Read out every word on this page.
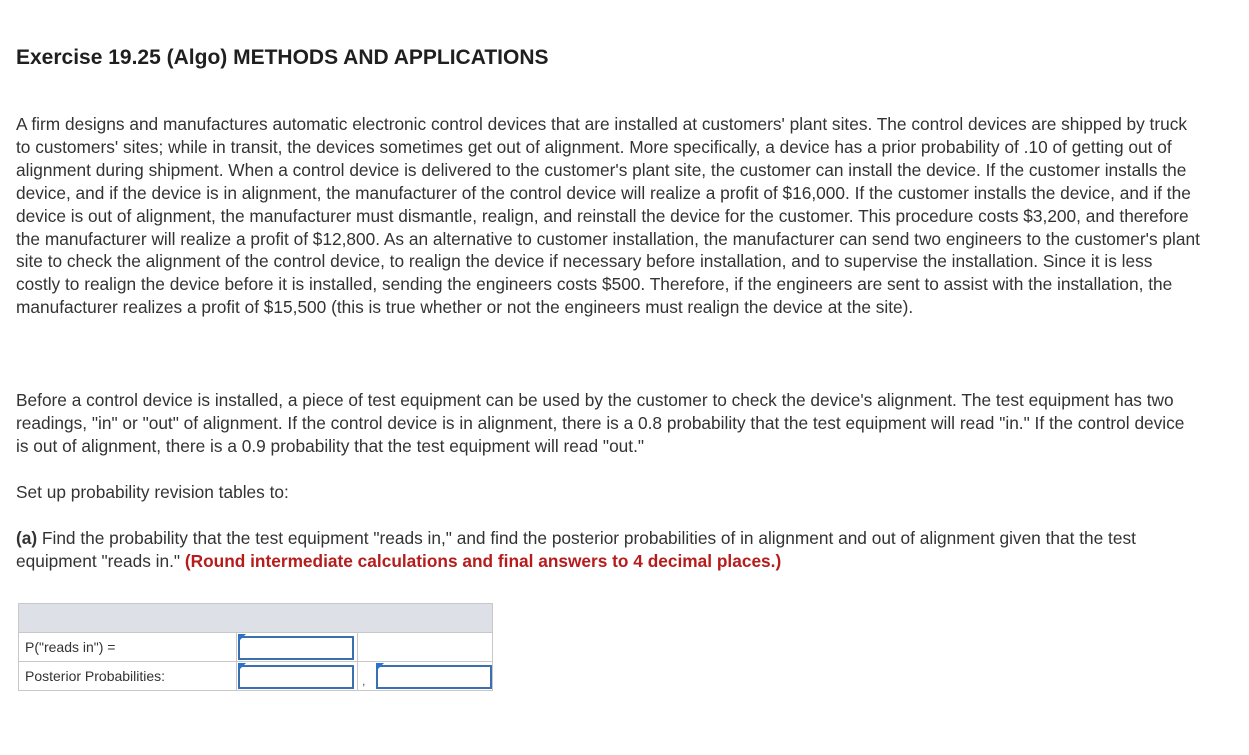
Exercise 19.25 (Algo) METHODS AND APPLICATIONS

A firm designs and manufactures automatic electronic control devices that are installed at customers' plant sites. The control devices are shipped by truck to customers' sites; while in transit, the devices sometimes get out of alignment. More specifically, a device has a prior probability of .10 of getting out of alignment during shipment. When a control device is delivered to the customer's plant site, the customer can install the device. If the customer installs the device, and if the device is in alignment, the manufacturer of the control device will realize a profit of $16,000. If the customer installs the device, and if the device is out of alignment, the manufacturer must dismantle, realign, and reinstall the device for the customer. This procedure costs $3,200, and therefore the manufacturer will realize a profit of $12,800. As an alternative to customer installation, the manufacturer can send two engineers to the customer's plant site to check the alignment of the control device, to realign the device if necessary before installation, and to supervise the installation. Since it is less costly to realign the device before it is installed, sending the engineers costs $500. Therefore, if the engineers are sent to assist with the installation, the manufacturer realizes a profit of $15,500 (this is true whether or not the engineers must realign the device at the site).

Before a control device is installed, a piece of test equipment can be used by the customer to check the device's alignment. The test equipment has two readings, "in" or "out" of alignment. If the control device is in alignment, there is a 0.8 probability that the test equipment will read "in." If the control device is out of alignment, there is a 0.9 probability that the test equipment will read "out."

Set up probability revision tables to:

(a) Find the probability that the test equipment "reads in," and find the posterior probabilities of in alignment and out of alignment given that the test equipment "reads in." (Round intermediate calculations and final answers to 4 decimal places.)

P("reads in") =	

Posterior Probabilities:		,
